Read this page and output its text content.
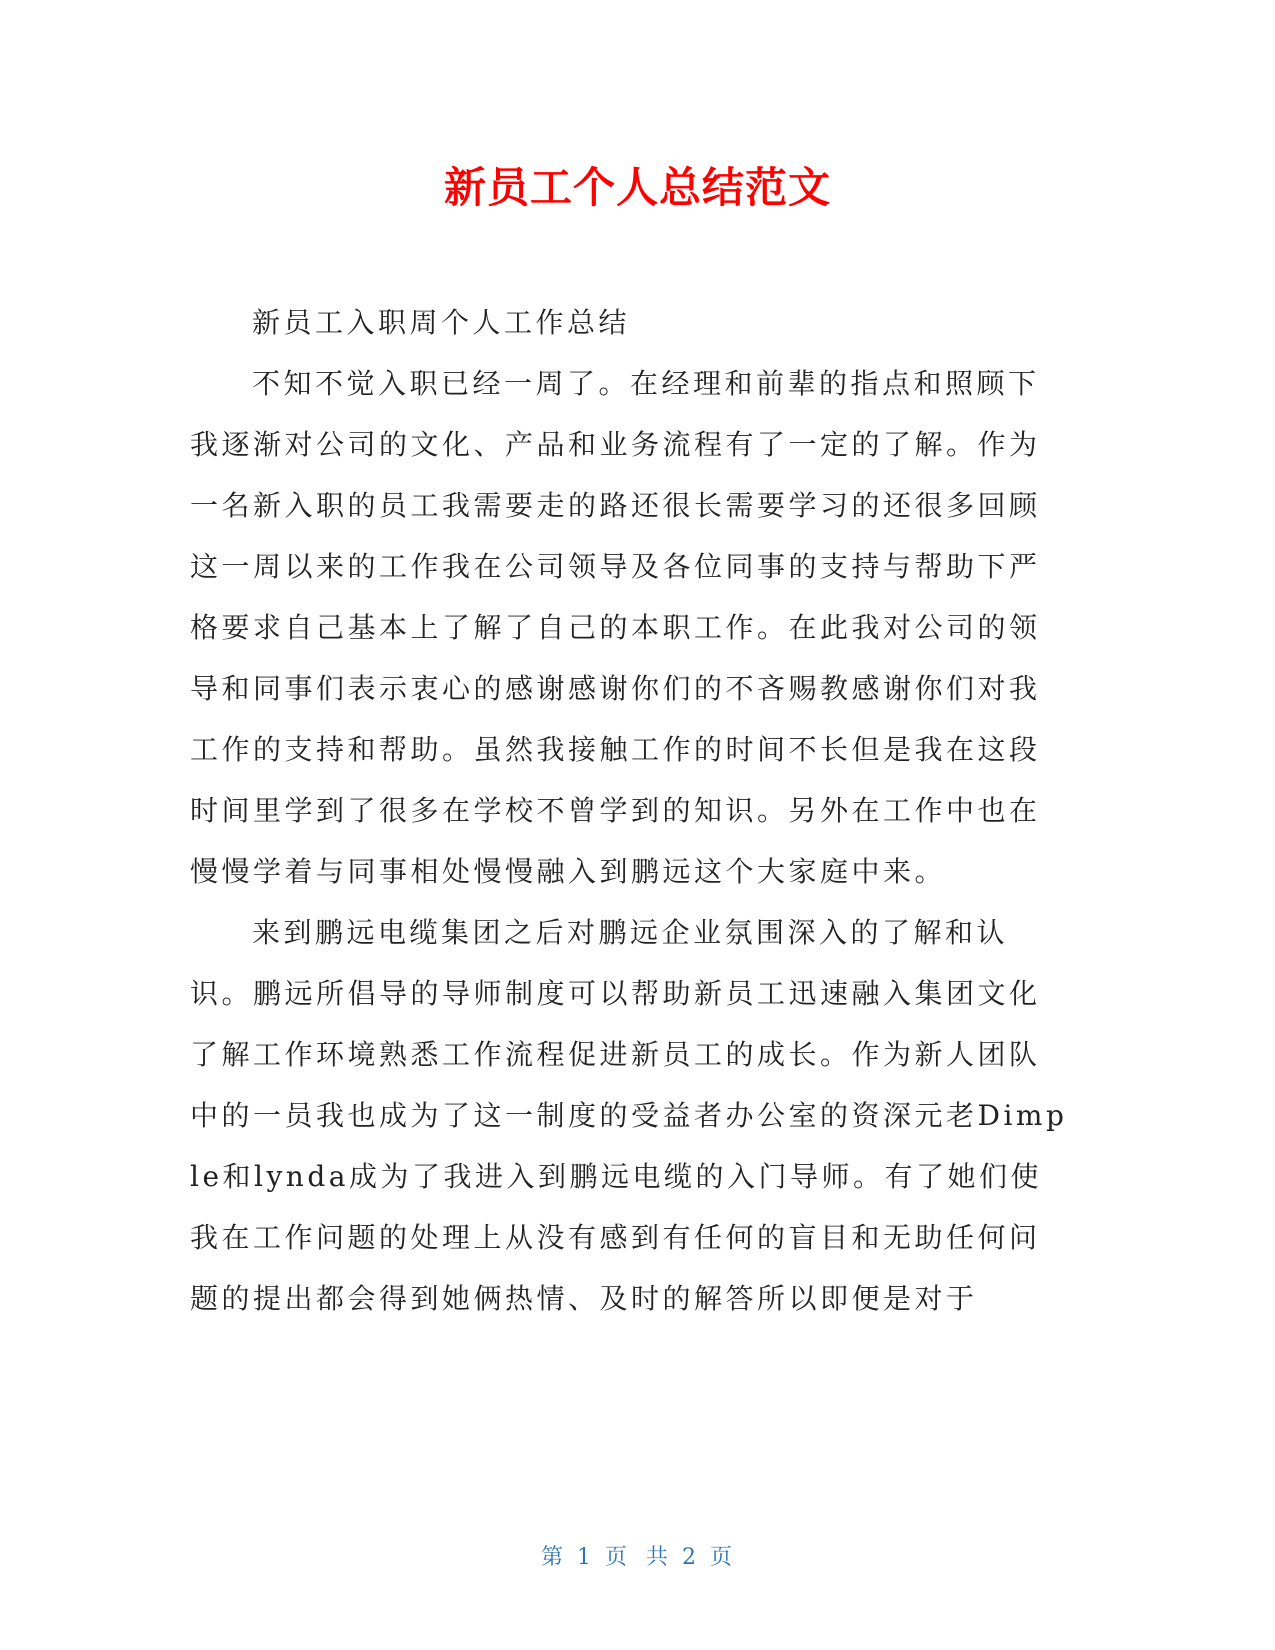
新员工个人总结范文

新员工入职周个人工作总结

不知不觉入职已经一周了。在经理和前辈的指点和照顾下我逐渐对公司的文化、产品和业务流程有了一定的了解。作为一名新入职的员工我需要走的路还很长需要学习的还很多回顾这一周以来的工作我在公司领导及各位同事的支持与帮助下严格要求自己基本上了解了自己的本职工作。在此我对公司的领导和同事们表示衷心的感谢感谢你们的不吝赐教感谢你们对我工作的支持和帮助。虽然我接触工作的时间不长但是我在这段时间里学到了很多在学校不曾学到的知识。另外在工作中也在慢慢学着与同事相处慢慢融入到鹏远这个大家庭中来。

来到鹏远电缆集团之后对鹏远企业氛围深入的了解和认识。鹏远所倡导的导师制度可以帮助新员工迅速融入集团文化了解工作环境熟悉工作流程促进新员工的成长。作为新人团队中的一员我也成为了这一制度的受益者办公室的资深元老Dimple和lynda成为了我进入到鹏远电缆的入门导师。有了她们使我在工作问题的处理上从没有感到有任何的盲目和无助任何问题的提出都会得到她俩热情、及时的解答所以即便是对于

第 1 页 共 2 页
